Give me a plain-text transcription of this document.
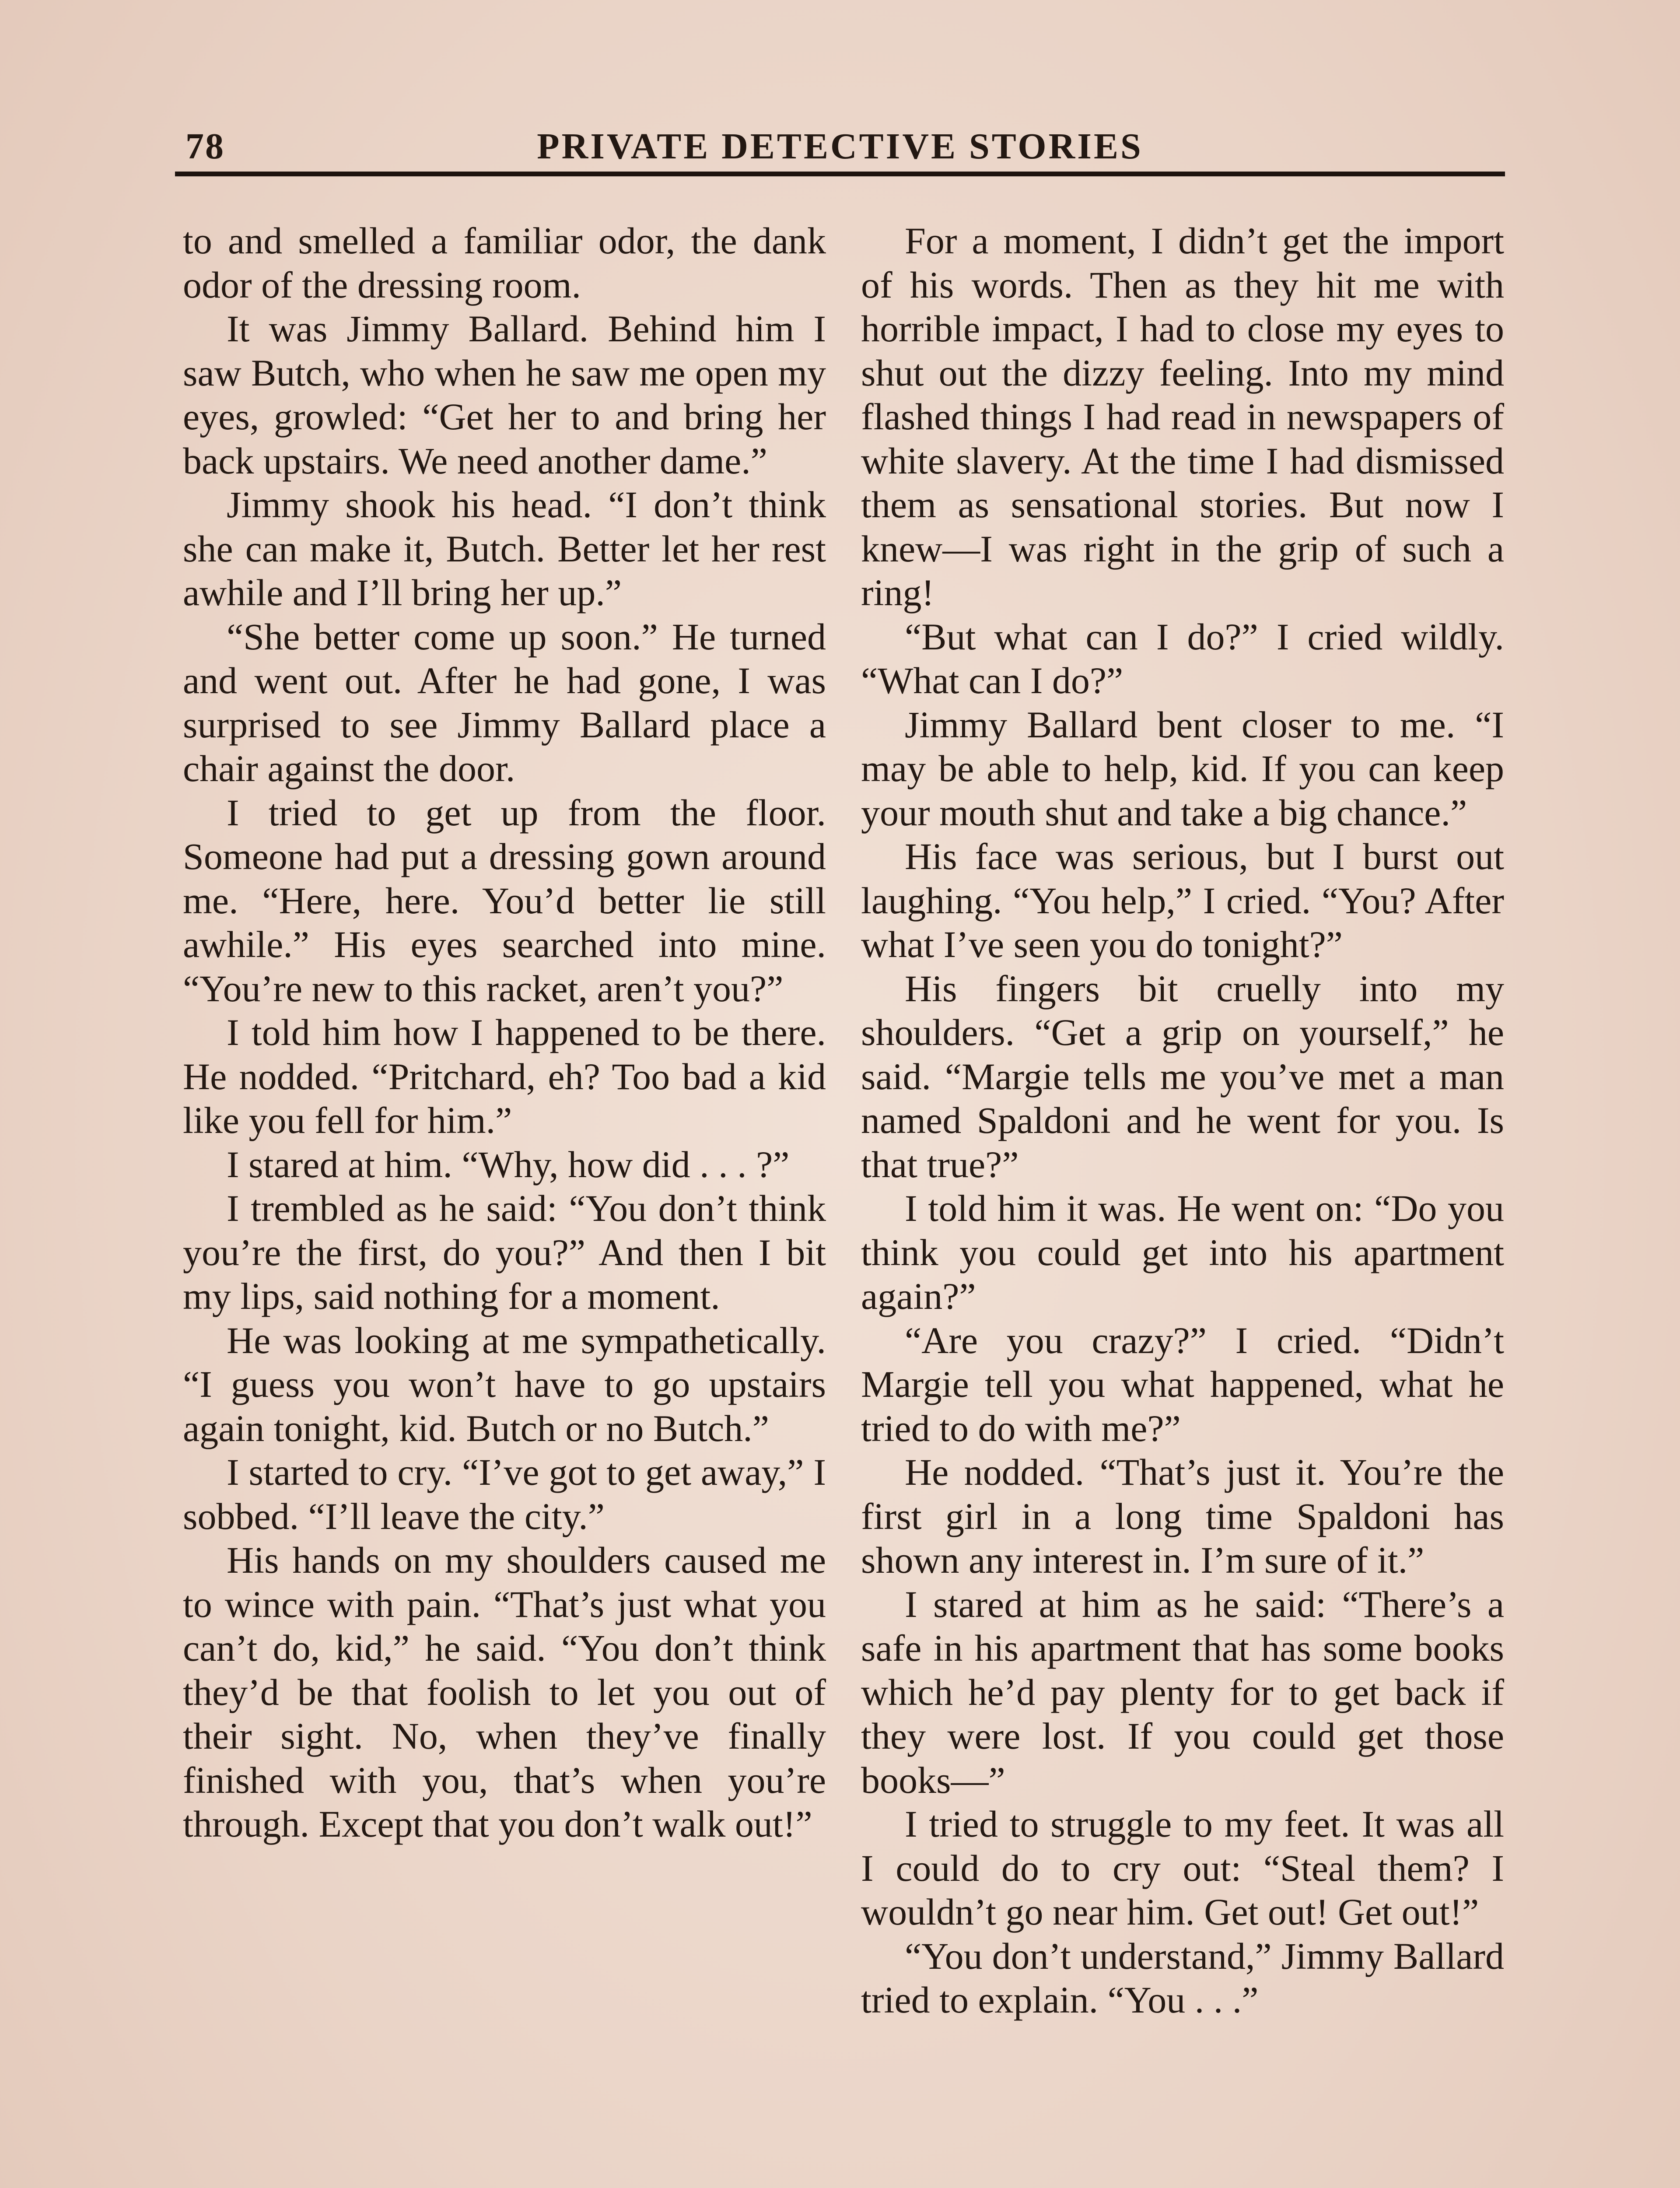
78	PRIVATE DETECTIVE STORIES

to and smelled a familiar odor, the dank odor of the dressing room.

It was Jimmy Ballard. Behind him I saw Butch, who when he saw me open my eyes, growled: “Get her to and bring her back upstairs. We need another dame.”

Jimmy shook his head. “I don’t think she can make it, Butch. Better let her rest awhile and I’ll bring her up.”

“She better come up soon.” He turned and went out. After he had gone, I was surprised to see Jimmy Ballard place a chair against the door.

I tried to get up from the floor. Someone had put a dressing gown around me. “Here, here. You’d better lie still awhile.” His eyes searched into mine. “You’re new to this racket, aren’t you?”

I told him how I happened to be there. He nodded. “Pritchard, eh? Too bad a kid like you fell for him.”

I stared at him. “Why, how did . . . ?”

I trembled as he said: “You don’t think you’re the first, do you?” And then I bit my lips, said nothing for a moment.

He was looking at me sympathetically. “I guess you won’t have to go upstairs again tonight, kid. Butch or no Butch.”

I started to cry. “I’ve got to get away,” I sobbed. “I’ll leave the city.”

His hands on my shoulders caused me to wince with pain. “That’s just what you can’t do, kid,” he said. “You don’t think they’d be that foolish to let you out of their sight. No, when they’ve finally finished with you, that’s when you’re through. Except that you don’t walk out!”

For a moment, I didn’t get the import of his words. Then as they hit me with horrible impact, I had to close my eyes to shut out the dizzy feeling. Into my mind flashed things I had read in newspapers of white slavery. At the time I had dismissed them as sensational stories. But now I knew—I was right in the grip of such a ring!

“But what can I do?” I cried wildly. “What can I do?”

Jimmy Ballard bent closer to me. “I may be able to help, kid. If you can keep your mouth shut and take a big chance.”

His face was serious, but I burst out laughing. “You help,” I cried. “You? After what I’ve seen you do tonight?”

His fingers bit cruelly into my shoulders. “Get a grip on yourself,” he said. “Margie tells me you’ve met a man named Spaldoni and he went for you. Is that true?”

I told him it was. He went on: “Do you think you could get into his apartment again?”

“Are you crazy?” I cried. “Didn’t Margie tell you what happened, what he tried to do with me?”

He nodded. “That’s just it. You’re the first girl in a long time Spaldoni has shown any interest in. I’m sure of it.”

I stared at him as he said: “There’s a safe in his apartment that has some books which he’d pay plenty for to get back if they were lost. If you could get those books—”

I tried to struggle to my feet. It was all I could do to cry out: “Steal them? I wouldn’t go near him. Get out! Get out!”

“You don’t understand,” Jimmy Ballard tried to explain. “You . . .”
